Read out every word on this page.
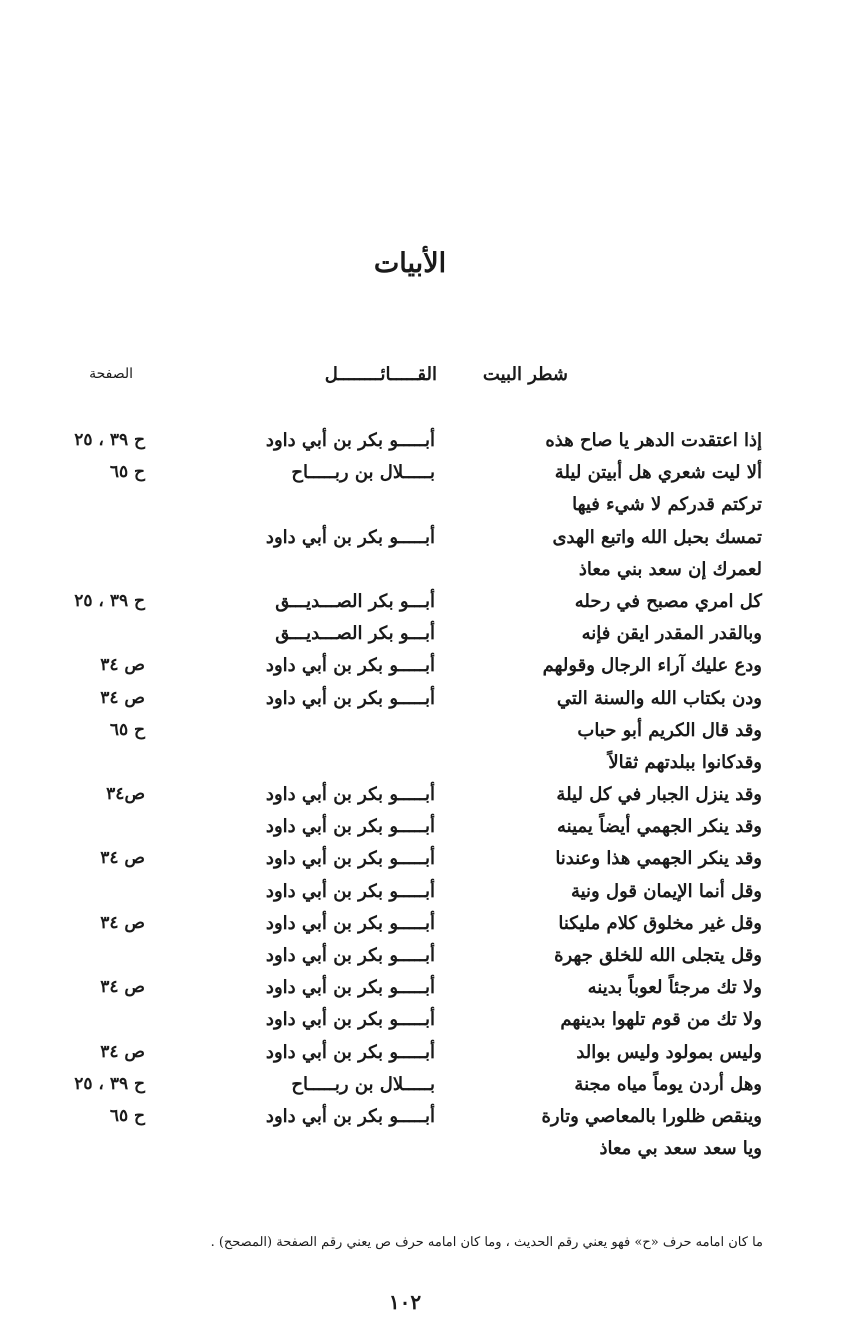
الأبيات
شطر البيت
القـــــائــــــــل
الصفحة
إذا اعتقدت الدهر يا صاح هذه
أبـــــو بكر بن أبي داود
ح ٣٩ ، ٢٥
ألا ليت شعري هل أبيتن ليلة
بـــــلال بن ربـــــاح
ح ٦٥
تركتم قدركم لا شيء فيها
تمسك بحبل الله واتبع الهدى
أبـــــو بكر بن أبي داود
لعمرك إن سعد بني معاذ
كل امري مصبح في رحله
أبـــو بكر الصـــديـــق
ح ٣٩ ، ٢٥
وبالقدر المقدر ايقن فإنه
أبـــو بكر الصـــديـــق
ودع عليك آراء الرجال وقولهم
أبـــــو بكر بن أبي داود
ص ٣٤
ودن بكتاب الله والسنة التي
أبـــــو بكر بن أبي داود
ص ٣٤
وقد قال الكريم أبو حباب
ح ٦٥
وقدكانوا ببلدتهم ثقالاً
وقد ينزل الجبار في كل ليلة
أبـــــو بكر بن أبي داود
ص٣٤
وقد ينكر الجهمي أيضاً يمينه
أبـــــو بكر بن أبي داود
وقد ينكر الجهمي هذا وعندنا
أبـــــو بكر بن أبي داود
ص ٣٤
وقل أنما الإيمان قول ونية
أبـــــو بكر بن أبي داود
وقل غير مخلوق كلام مليكنا
أبـــــو بكر بن أبي داود
ص ٣٤
وقل يتجلى الله للخلق جهرة
أبـــــو بكر بن أبي داود
ولا تك مرجئاً لعوباً بدينه
أبـــــو بكر بن أبي داود
ص ٣٤
ولا تك من قوم تلهوا بدينهم
أبـــــو بكر بن أبي داود
وليس بمولود وليس بوالد
أبـــــو بكر بن أبي داود
ص ٣٤
وهل أردن يوماً مياه مجنة
بـــــلال بن ربـــــاح
ح ٣٩ ، ٢٥
وينقص ظلورا بالمعاصي وتارة
أبـــــو بكر بن أبي داود
ح ٦٥
ويا سعد سعد بي معاذ
ما كان امامه حرف «ح» فهو يعني رقم الحديث ، وما كان امامه حرف ص يعني رقم الصفحة (المصحح) .
١٠٢
